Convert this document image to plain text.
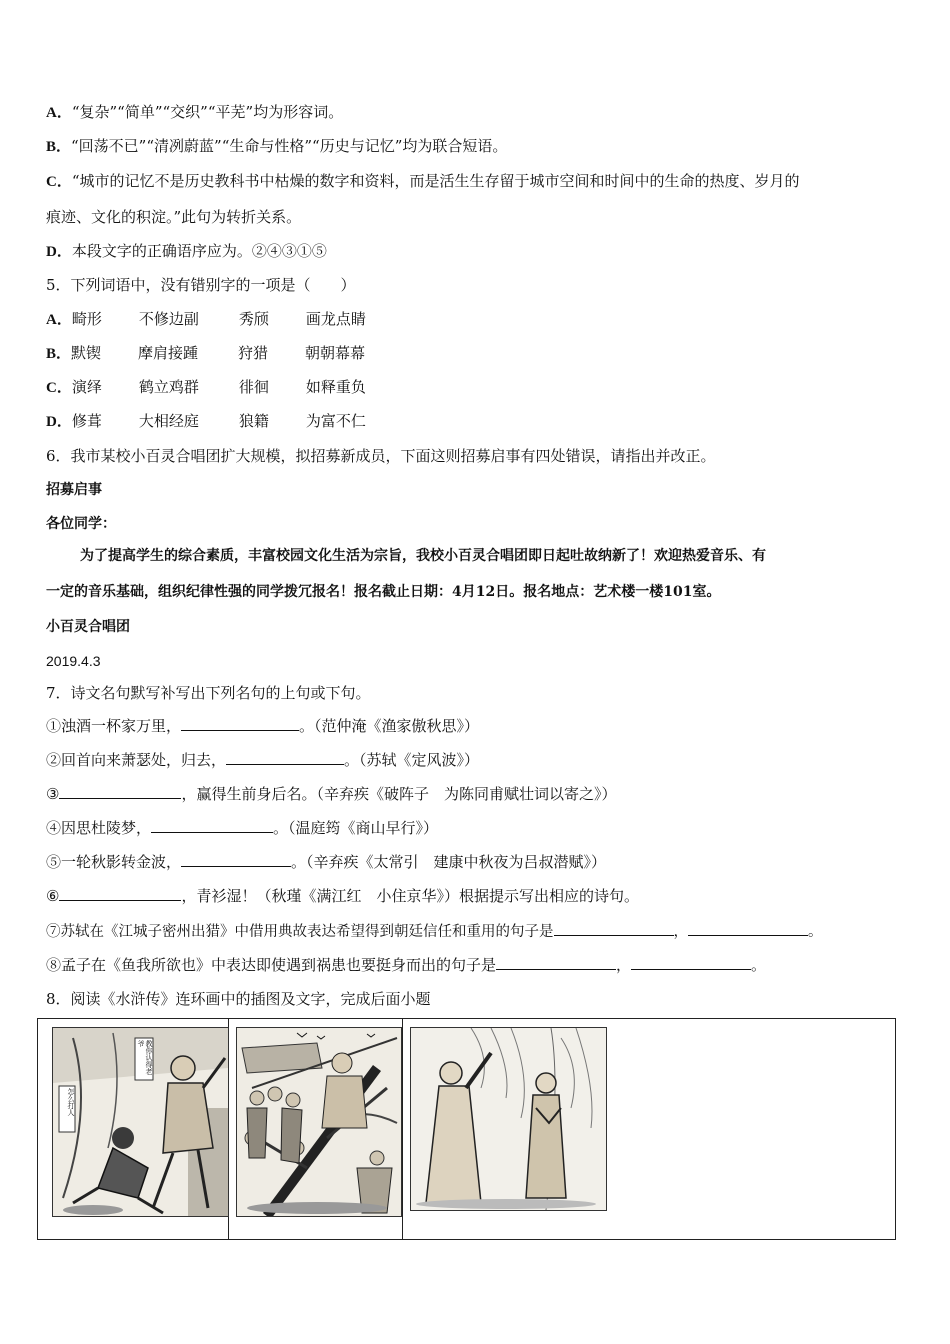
A．“复杂”“简单”“交织”“平芜”均为形容词。
B．“回荡不已”“清冽蔚蓝”“生命与性格”“历史与记忆”均为联合短语。
C．“城市的记忆不是历史教科书中枯燥的数字和资料，而是活生生存留于城市空间和时间中的生命的热度、岁月的
痕迹、文化的积淀。”此句为转折关系。
D．本段文字的正确语序应为。②④③①⑤
5．下列词语中，没有错别字的一项是（　　）
A．畸形 不修边副	秀颀 画龙点睛
B．默锲 摩肩接踵	狩猎 朝朝幕幕
C．演绎 鹤立鸡群	徘徊 如释重负
D．修葺 大相经庭	狼籍 为富不仁
6．我市某校小百灵合唱团扩大规模，拟招募新成员，下面这则招募启事有四处错误，请指出并改正。
招募启事
各位同学：
为了提高学生的综合素质，丰富校园文化生活为宗旨，我校小百灵合唱团即日起吐故纳新了！欢迎热爱音乐、有
一定的音乐基础，组织纪律性强的同学拨冗报名！报名截止日期：4月12日。报名地点：艺术楼一楼101室。
小百灵合唱团
2019.4.3
7．诗文名句默写补写出下列名句的上句或下句。
①浊酒一杯家万里，	。（范仲淹《渔家傲秋思》）
②回首向来萧瑟处，归去，	。（苏轼《定风波》）
③	，赢得生前身后名。（辛弃疾《破阵子　为陈同甫赋壮词以寄之》）
④因思杜陵梦，	。（温庭筠《商山早行》）
⑤一轮秋影转金波，	。（辛弃疾《太常引　建康中秋夜为吕叔潜赋》）
⑥	，青衫湿！（秋瑾《满江红　小住京华》）根据提示写出相应的诗句。
⑦苏轼在《江城子密州出猎》中借用典故表达希望得到朝廷信任和重用的句子是	，	。
⑧孟子在《鱼我所欲也》中表达即使遇到祸患也要挺身而出的句子是	，	。
8．阅读《水浒传》连环画中的插图及文字，完成后面小题
教你认得老爷
怎么打人
